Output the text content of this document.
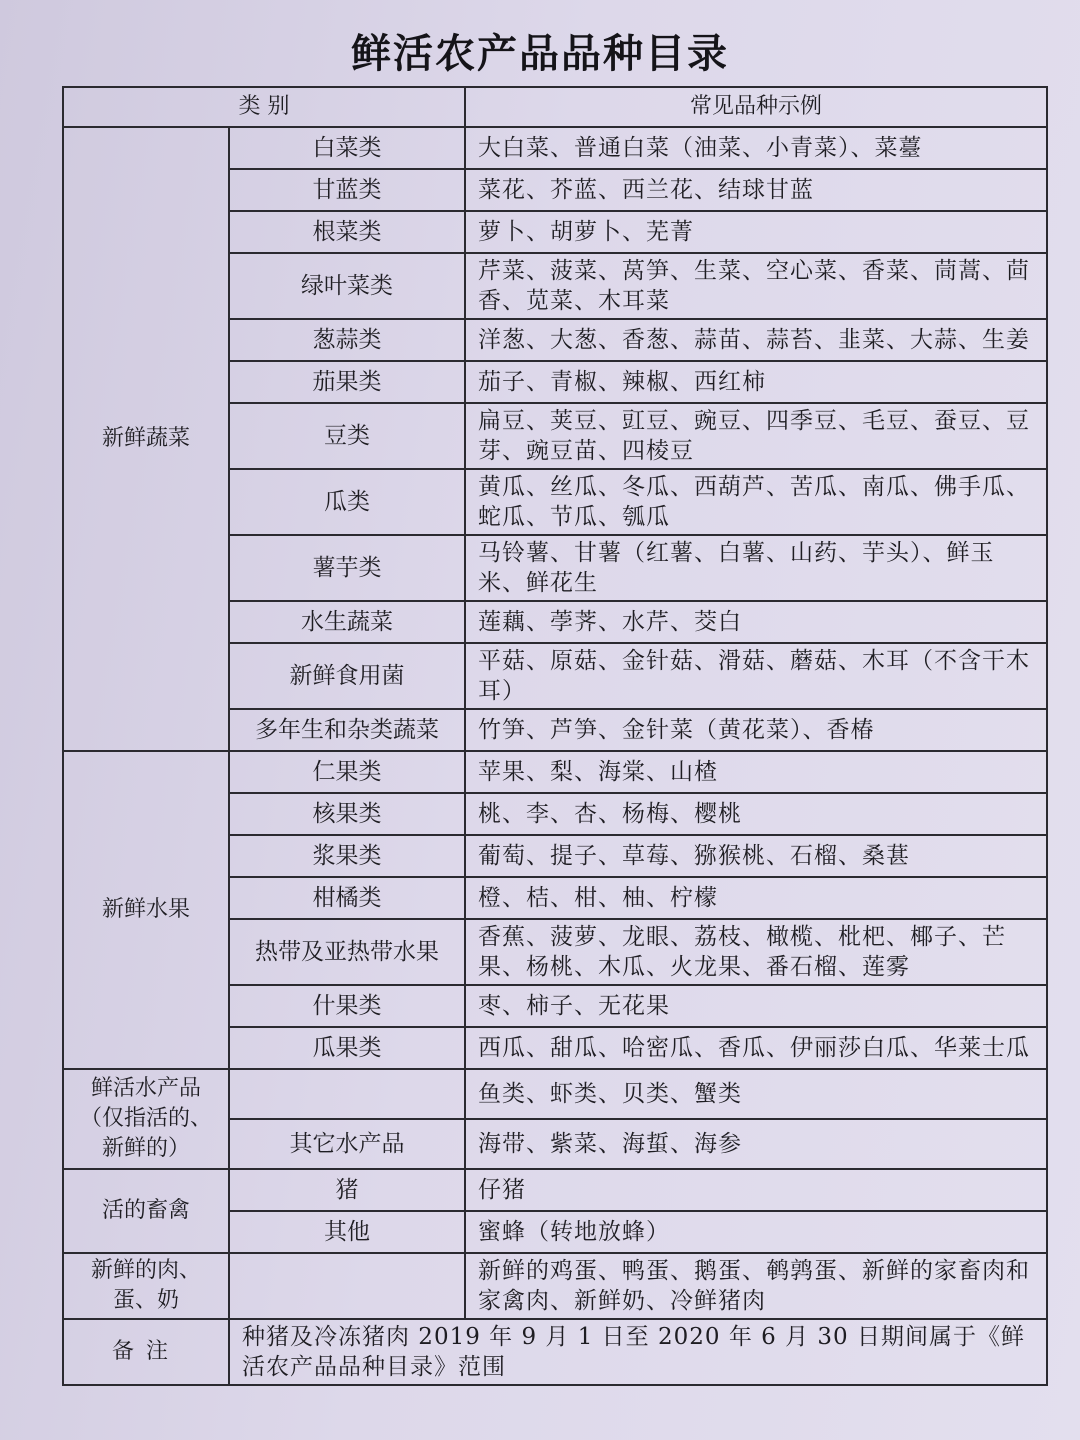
鲜活农产品品种目录
类 别		常见品种示例
新鲜蔬菜	白菜类	大白菜、普通白菜（油菜、小青菜）、菜薹
	甘蓝类	菜花、芥蓝、西兰花、结球甘蓝
	根菜类	萝卜、胡萝卜、芜菁
	绿叶菜类	芹菜、菠菜、莴笋、生菜、空心菜、香菜、茼蒿、茴香、苋菜、木耳菜
	葱蒜类	洋葱、大葱、香葱、蒜苗、蒜苔、韭菜、大蒜、生姜
	茄果类	茄子、青椒、辣椒、西红柿
	豆类	扁豆、荚豆、豇豆、豌豆、四季豆、毛豆、蚕豆、豆芽、豌豆苗、四棱豆
	瓜类	黄瓜、丝瓜、冬瓜、西葫芦、苦瓜、南瓜、佛手瓜、蛇瓜、节瓜、瓠瓜
	薯芋类	马铃薯、甘薯（红薯、白薯、山药、芋头）、鲜玉米、鲜花生
	水生蔬菜	莲藕、荸荠、水芹、茭白
	新鲜食用菌	平菇、原菇、金针菇、滑菇、蘑菇、木耳（不含干木耳）
	多年生和杂类蔬菜	竹笋、芦笋、金针菜（黄花菜）、香椿
新鲜水果	仁果类	苹果、梨、海棠、山楂
	核果类	桃、李、杏、杨梅、樱桃
	浆果类	葡萄、提子、草莓、猕猴桃、石榴、桑葚
	柑橘类	橙、桔、柑、柚、柠檬
	热带及亚热带水果	香蕉、菠萝、龙眼、荔枝、橄榄、枇杷、椰子、芒果、杨桃、木瓜、火龙果、番石榴、莲雾
	什果类	枣、柿子、无花果
	瓜果类	西瓜、甜瓜、哈密瓜、香瓜、伊丽莎白瓜、华莱士瓜
鲜活水产品（仅指活的、新鲜的）		鱼类、虾类、贝类、蟹类
	其它水产品	海带、紫菜、海蜇、海参
活的畜禽	猪	仔猪
	其他	蜜蜂（转地放蜂）
新鲜的肉、蛋、奶		新鲜的鸡蛋、鸭蛋、鹅蛋、鹌鹑蛋、新鲜的家畜肉和家禽肉、新鲜奶、冷鲜猪肉
备注	种猪及冷冻猪肉 2019 年 9 月 1 日至 2020 年 6 月 30 日期间属于《鲜活农产品品种目录》范围	
